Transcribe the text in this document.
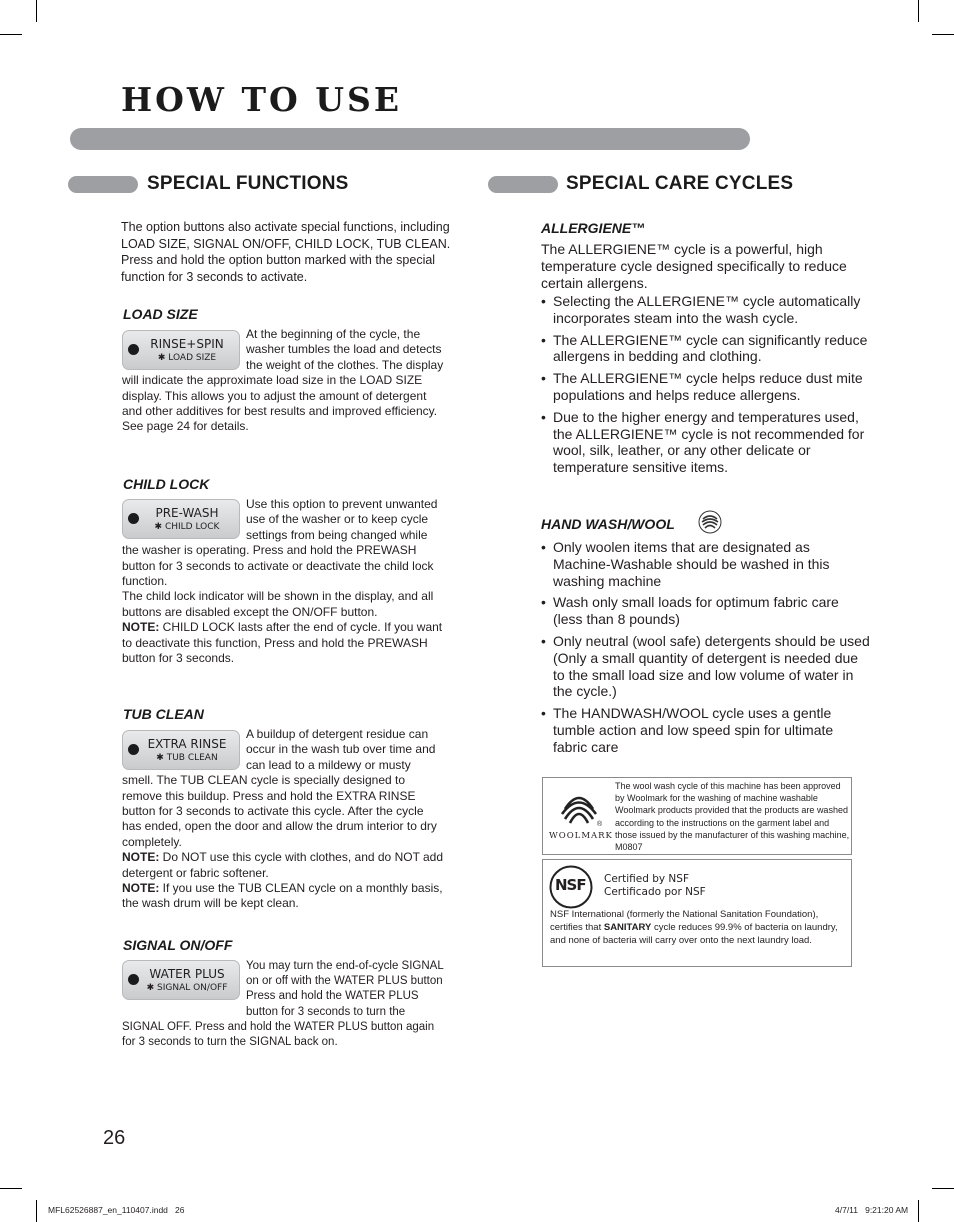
HOW TO USE
SPECIAL FUNCTIONS
The option buttons also activate special functions, including LOAD SIZE, SIGNAL ON/OFF, CHILD LOCK, TUB CLEAN. Press and hold the option button marked with the special function for 3 seconds to activate.
LOAD SIZE
RINSE+SPIN
✱ LOAD SIZE

At the beginning of the cycle, the washer tumbles the load and detects the weight of the clothes. The display will indicate the approximate load size in the LOAD SIZE display. This allows you to adjust the amount of detergent and other additives for best results and improved efficiency. See page 24 for details.

CHILD LOCK
PRE-WASH
✱ CHILD LOCK

Use this option to prevent unwanted use of the washer or to keep cycle settings from being changed while the washer is operating. Press and hold the PREWASH button for 3 seconds to activate or deactivate the child lock function.

The child lock indicator will be shown in the display, and all buttons are disabled except the ON/OFF button.

NOTE: CHILD LOCK lasts after the end of cycle. If you want to deactivate this function, Press and hold the PREWASH button for 3 seconds.

TUB CLEAN
EXTRA RINSE
✱ TUB CLEAN

A buildup of detergent residue can occur in the wash tub over time and can lead to a mildewy or musty smell. The TUB CLEAN cycle is specially designed to remove this buildup. Press and hold the EXTRA RINSE button for 3 seconds to activate this cycle. After the cycle has ended, open the door and allow the drum interior to dry completely.

NOTE: Do NOT use this cycle with clothes, and do NOT add detergent or fabric softener.

NOTE: If you use the TUB CLEAN cycle on a monthly basis, the wash drum will be kept clean.

SIGNAL ON/OFF
WATER PLUS
✱ SIGNAL ON/OFF

You may turn the end-of-cycle SIGNAL on or off with the WATER PLUS button Press and hold the WATER PLUS button for 3 seconds to turn the SIGNAL OFF. Press and hold the WATER PLUS button again for 3 seconds to turn the SIGNAL back on.

SPECIAL CARE CYCLES
ALLERGIENE™
The ALLERGIENE™ cycle is a powerful, high temperature cycle designed specifically to reduce certain allergens.
• Selecting the ALLERGIENE™ cycle automatically incorporates steam into the wash cycle.
• The ALLERGIENE™ cycle can significantly reduce allergens in bedding and clothing.
• The ALLERGIENE™ cycle helps reduce dust mite populations and helps reduce allergens.
• Due to the higher energy and temperatures used, the ALLERGIENE™ cycle is not recommended for wool, silk, leather, or any other delicate or temperature sensitive items.
HAND WASH/WOOL
• Only woolen items that are designated as Machine-Washable should be washed in this washing machine
• Wash only small loads for optimum fabric care (less than 8 pounds)
• Only neutral (wool safe) detergents should be used (Only a small quantity of detergent is needed due to the small load size and low volume of water in the cycle.)
• The HANDWASH/WOOL cycle uses a gentle tumble action and low speed spin for ultimate fabric care
®
WOOLMARK
The wool wash cycle of this machine has been approved by Woolmark for the washing of machine washable Woolmark products provided that the products are washed according to the instructions on the garment label and those issued by the manufacturer of this washing machine, M0807
NSF Certified by NSF
Certificado por NSF
NSF International (formerly the National Sanitation Foundation), certifies that SANITARY cycle reduces 99.9% of bacteria on laundry, and none of bacteria will carry over onto the next laundry load.
26
MFL62526887_en_110407.indd   26	4/7/11   9:21:20 AM
